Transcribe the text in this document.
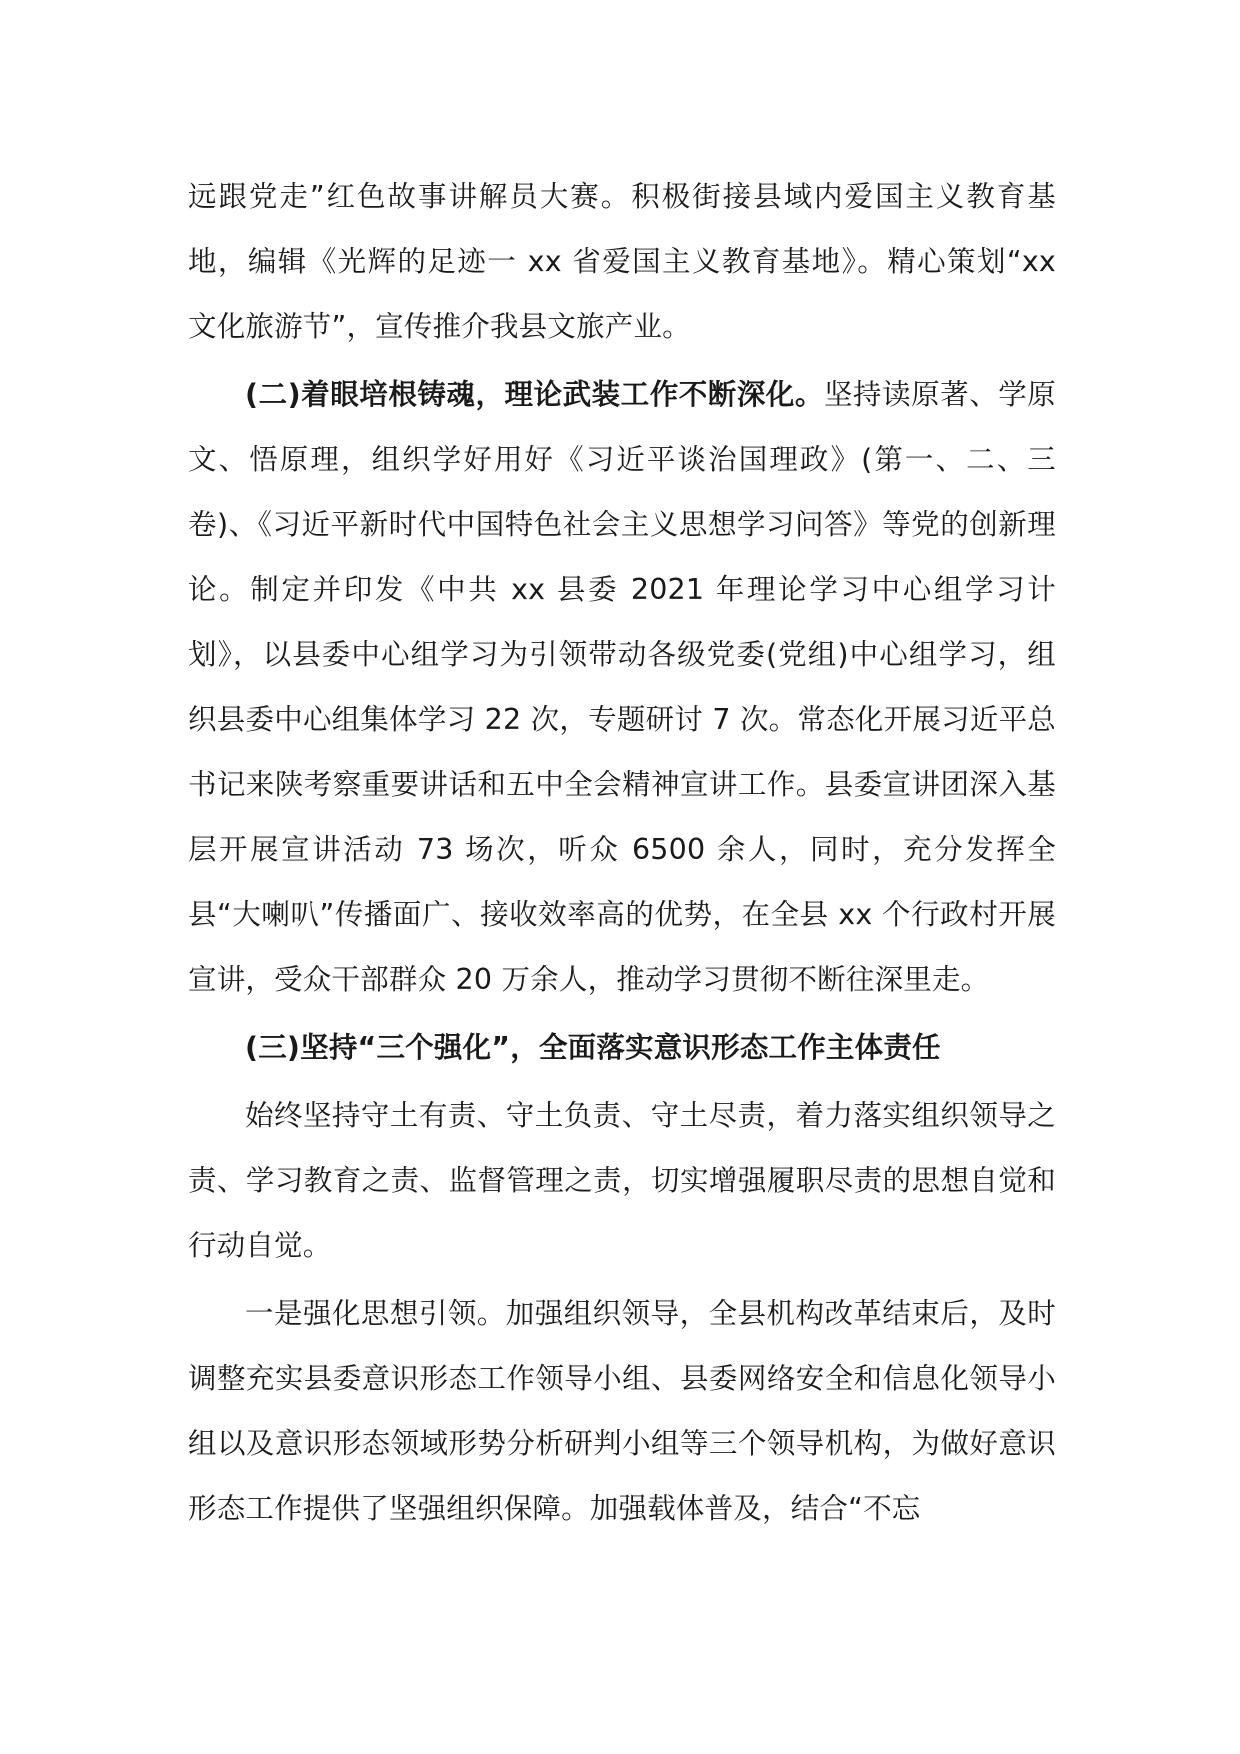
远跟党走”红色故事讲解员大赛。积极街接县域内爱国主义教育基地，编辑《光辉的足迹一 xx 省爱国主义教育基地》。精心策划“xx 文化旅游节”，宣传推介我县文旅产业。

(二)着眼培根铸魂，理论武装工作不断深化。坚持读原著、学原文、悟原理，组织学好用好《习近平谈治国理政》(第一、二、三卷)、《习近平新时代中国特色社会主义思想学习问答》等党的创新理论。制定并印发《中共 xx 县委 2021 年理论学习中心组学习计划》，以县委中心组学习为引领带动各级党委(党组)中心组学习，组织县委中心组集体学习 22 次，专题研讨 7 次。常态化开展习近平总书记来陕考察重要讲话和五中全会精神宣讲工作。县委宣讲团深入基层开展宣讲活动 73 场次，听众 6500 余人，同时，充分发挥全县“大喇叭”传播面广、接收效率高的优势，在全县 xx 个行政村开展宣讲，受众干部群众 20 万余人，推动学习贯彻不断往深里走。

(三)坚持“三个强化”，全面落实意识形态工作主体责任

始终坚持守土有责、守土负责、守土尽责，着力落实组织领导之责、学习教育之责、监督管理之责，切实增强履职尽责的思想自觉和行动自觉。

一是强化思想引领。加强组织领导，全县机构改革结束后，及时调整充实县委意识形态工作领导小组、县委网络安全和信息化领导小组以及意识形态领域形势分析研判小组等三个领导机构，为做好意识形态工作提供了坚强组织保障。加强载体普及，结合“不忘
